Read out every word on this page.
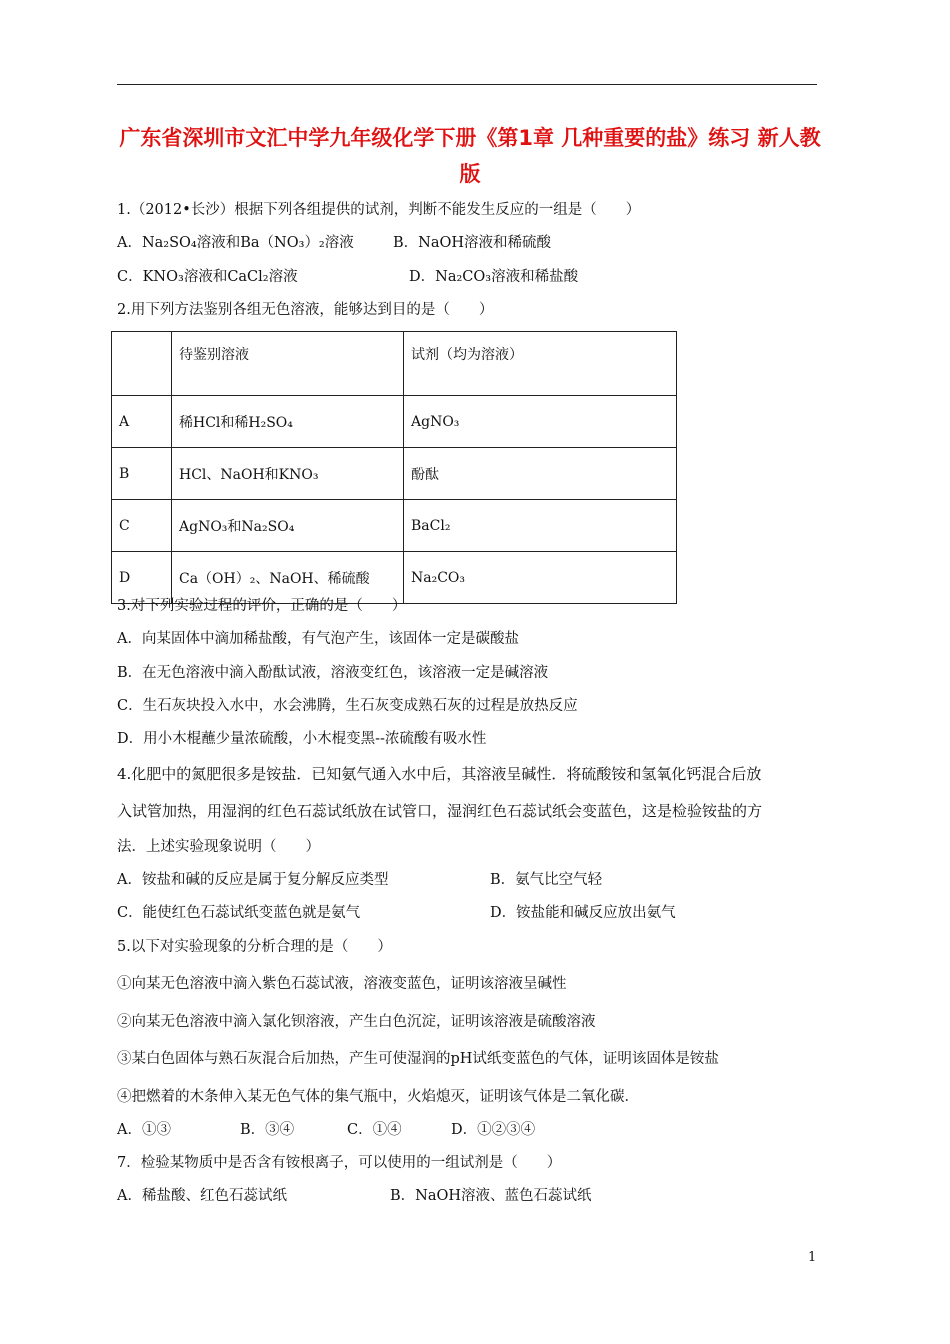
广东省深圳市文汇中学九年级化学下册《第1章 几种重要的盐》练习 新人教版
1.（2012•长沙）根据下列各组提供的试剂，判断不能发生反应的一组是（　　）
A．Na₂SO₄溶液和Ba（NO₃）₂溶液	B．NaOH溶液和稀硫酸
C．KNO₃溶液和CaCl₂溶液	D．Na₂CO₃溶液和稀盐酸
2.用下列方法鉴别各组无色溶液，能够达到目的是（　　）
	待鉴别溶液	试剂（均为溶液）
A	稀HCl和稀H₂SO₄	AgNO₃
B	HCl、NaOH和KNO₃	酚酞
C	AgNO₃和Na₂SO₄	BaCl₂
D	Ca（OH）₂、NaOH、稀硫酸	Na₂CO₃
3.对下列实验过程的评价，正确的是（　　）
A．向某固体中滴加稀盐酸，有气泡产生，该固体一定是碳酸盐
B．在无色溶液中滴入酚酞试液，溶液变红色，该溶液一定是碱溶液
C．生石灰块投入水中，水会沸腾，生石灰变成熟石灰的过程是放热反应
D．用小木棍蘸少量浓硫酸，小木棍变黑--浓硫酸有吸水性
4.化肥中的氮肥很多是铵盐．已知氨气通入水中后，其溶液呈碱性．将硫酸铵和氢氧化钙混合后放
入试管加热，用湿润的红色石蕊试纸放在试管口，湿润红色石蕊试纸会变蓝色，这是检验铵盐的方
法．上述实验现象说明（　　）
A．铵盐和碱的反应是属于复分解反应类型	B．氨气比空气轻
C．能使红色石蕊试纸变蓝色就是氨气	D．铵盐能和碱反应放出氨气
5.以下对实验现象的分析合理的是（　　）
①向某无色溶液中滴入紫色石蕊试液，溶液变蓝色，证明该溶液呈碱性
②向某无色溶液中滴入氯化钡溶液，产生白色沉淀，证明该溶液是硫酸溶液
③某白色固体与熟石灰混合后加热，产生可使湿润的pH试纸变蓝色的气体，证明该固体是铵盐
④把燃着的木条伸入某无色气体的集气瓶中，火焰熄灭，证明该气体是二氧化碳．
A．①③	B．③④	C．①④	D．①②③④
7．检验某物质中是否含有铵根离子，可以使用的一组试剂是（　　）
A．稀盐酸、红色石蕊试纸	B．NaOH溶液、蓝色石蕊试纸
1
